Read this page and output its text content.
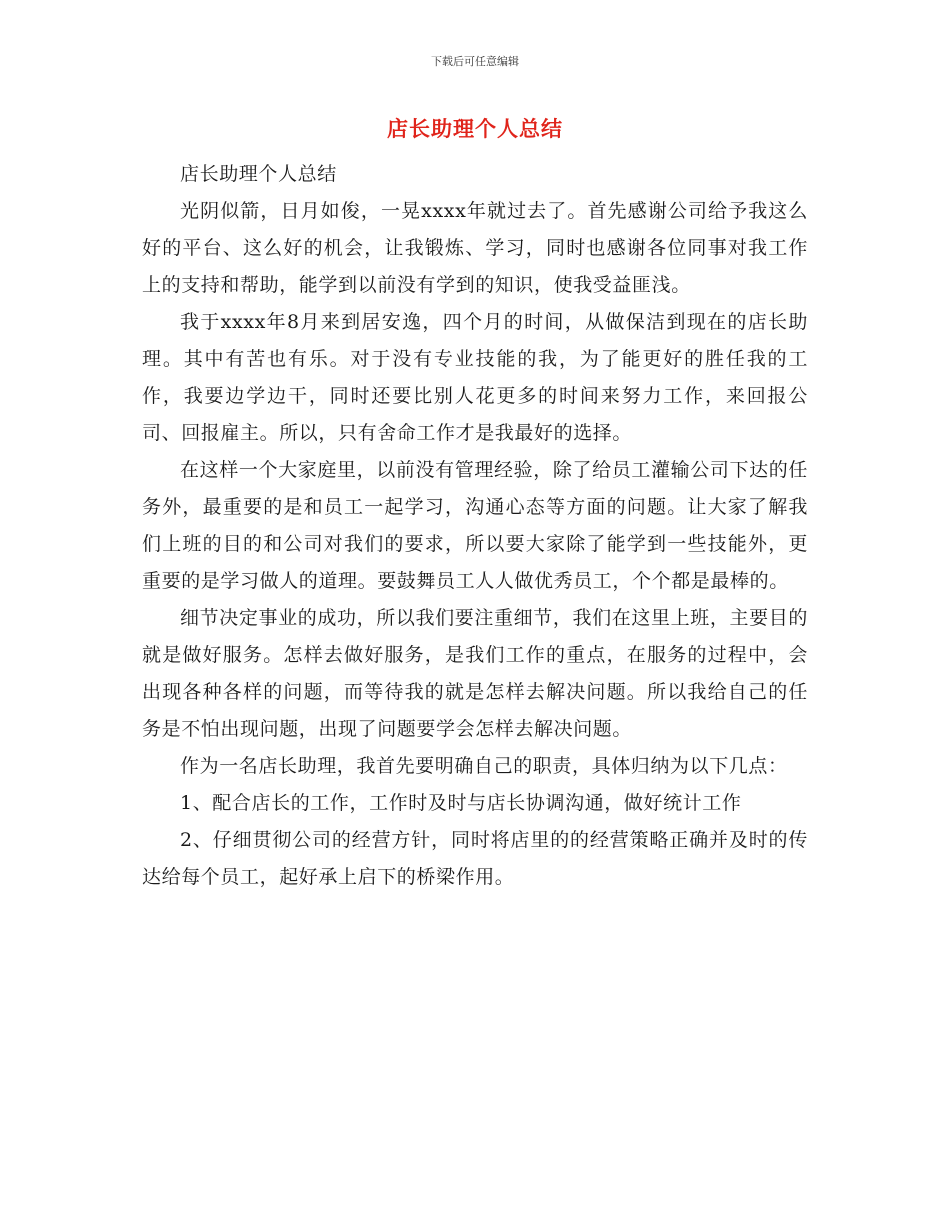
下载后可任意编辑
店长助理个人总结

店长助理个人总结

光阴似箭，日月如俊，一晃xxxx年就过去了。首先感谢公司给予我这么好的平台、这么好的机会，让我锻炼、学习，同时也感谢各位同事对我工作上的支持和帮助，能学到以前没有学到的知识，使我受益匪浅。

我于xxxx年8月来到居安逸，四个月的时间，从做保洁到现在的店长助理。其中有苦也有乐。对于没有专业技能的我，为了能更好的胜任我的工作，我要边学边干，同时还要比别人花更多的时间来努力工作，来回报公司、回报雇主。所以，只有舍命工作才是我最好的选择。

在这样一个大家庭里，以前没有管理经验，除了给员工灌输公司下达的任务外，最重要的是和员工一起学习，沟通心态等方面的问题。让大家了解我们上班的目的和公司对我们的要求，所以要大家除了能学到一些技能外，更重要的是学习做人的道理。要鼓舞员工人人做优秀员工，个个都是最棒的。

细节决定事业的成功，所以我们要注重细节，我们在这里上班，主要目的就是做好服务。怎样去做好服务，是我们工作的重点，在服务的过程中，会出现各种各样的问题，而等待我的就是怎样去解决问题。所以我给自己的任务是不怕出现问题，出现了问题要学会怎样去解决问题。

作为一名店长助理，我首先要明确自己的职责，具体归纳为以下几点：

1、配合店长的工作，工作时及时与店长协调沟通，做好统计工作

2、仔细贯彻公司的经营方针，同时将店里的的经营策略正确并及时的传达给每个员工，起好承上启下的桥梁作用。
